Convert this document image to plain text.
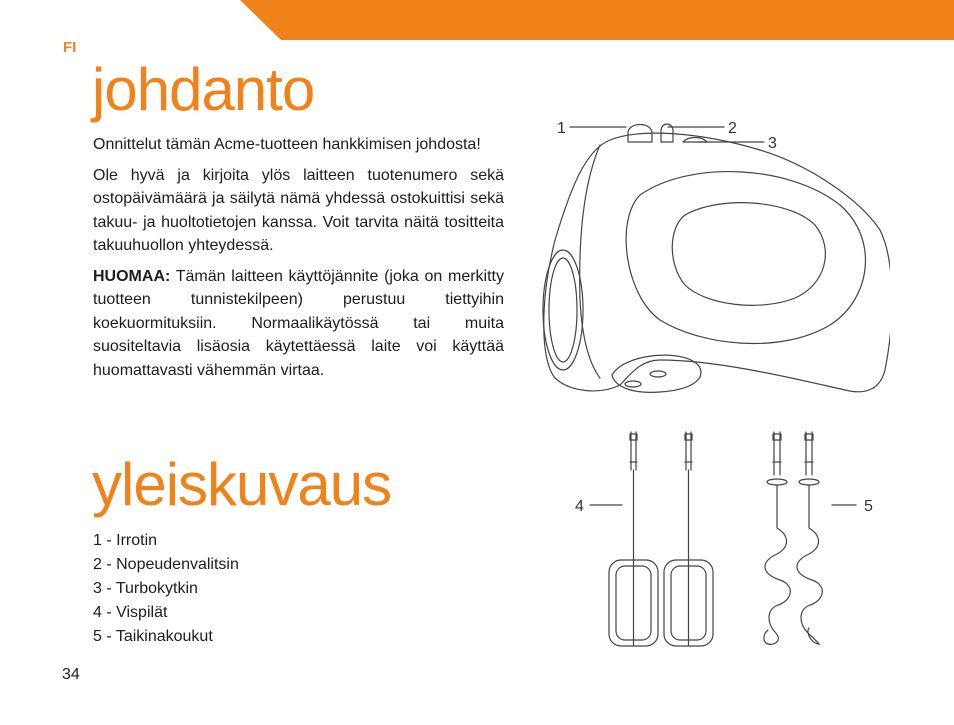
FI
johdanto

Onnittelut tämän Acme-tuotteen hankkimisen johdosta!

Ole hyvä ja kirjoita ylös laitteen tuotenumero sekä ostopäivämäärä ja säilytä nämä yhdessä ostokuittisi sekä takuu- ja huoltotietojen kanssa. Voit tarvita näitä tositteita takuuhuollon yhteydessä.

HUOMAA: Tämän laitteen käyttöjännite (joka on merkitty tuotteen tunnistekilpeen) perustuu tiettyihin koekuormituksiin. Normaalikäytössä tai muita suositeltavia lisäosia käytettäessä laite voi käyttää huomattavasti vähemmän virtaa.

yleiskuvaus
1 - Irrotin
2 - Nopeudenvalitsin
3 - Turbokytkin
4 - Vispilät
5 - Taikinakoukut
1	2
3
4	5
34
